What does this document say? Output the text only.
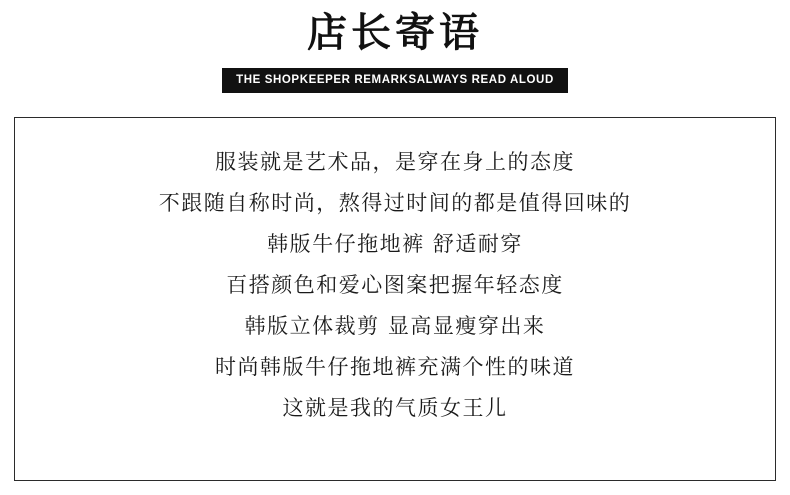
店长寄语
THE SHOPKEEPER REMARKSALWAYS READ ALOUD
服装就是艺术品，是穿在身上的态度
不跟随自称时尚，熬得过时间的都是值得回味的
韩版牛仔拖地裤 舒适耐穿
百搭颜色和爱心图案把握年轻态度
韩版立体裁剪 显高显瘦穿出来
时尚韩版牛仔拖地裤充满个性的味道
这就是我的气质女王儿
